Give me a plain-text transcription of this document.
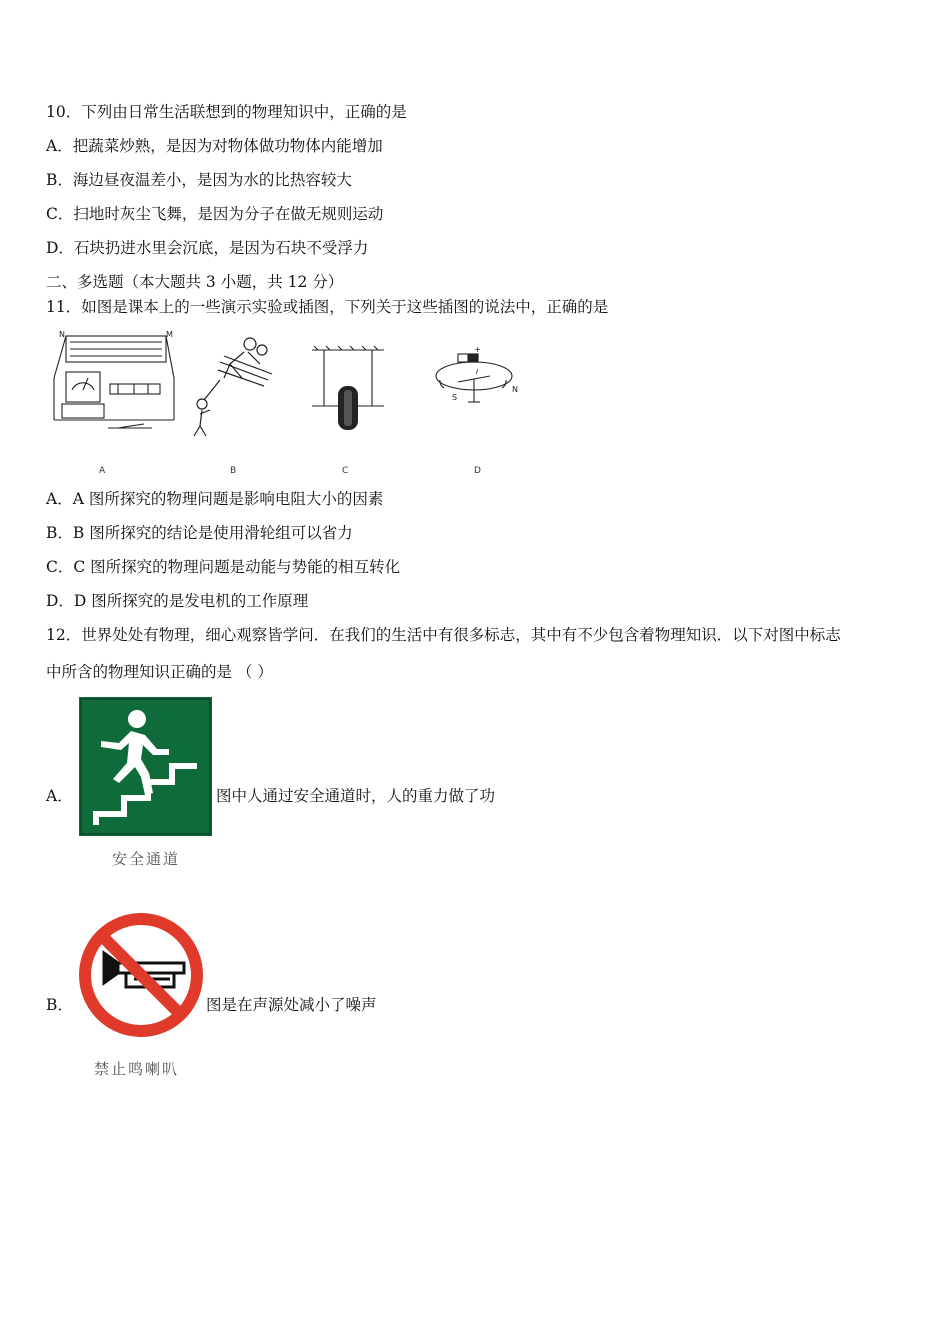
10．下列由日常生活联想到的物理知识中，正确的是
A．把蔬菜炒熟，是因为对物体做功物体内能增加
B．海边昼夜温差小，是因为水的比热容较大
C．扫地时灰尘飞舞，是因为分子在做无规则运动
D．石块扔进水里会沉底，是因为石块不受浮力
二、多选题（本大题共 3 小题，共 12 分）
11．如图是课本上的一些演示实验或插图，下列关于这些插图的说法中，正确的是
N	M
+
I
S
N
A	B	C	D
A．A 图所探究的物理问题是影响电阻大小的因素
B．B 图所探究的结论是使用滑轮组可以省力
C．C 图所探究的物理问题是动能与势能的相互转化
D．D 图所探究的是发电机的工作原理
12．世界处处有物理，细心观察皆学问．在我们的生活中有很多标志，其中有不少包含着物理知识．以下对图中标志
中所含的物理知识正确的是 （ ）
A．	图中人通过安全通道时，人的重力做了功
安全通道
B．	图是在声源处减小了噪声
禁止鸣喇叭
